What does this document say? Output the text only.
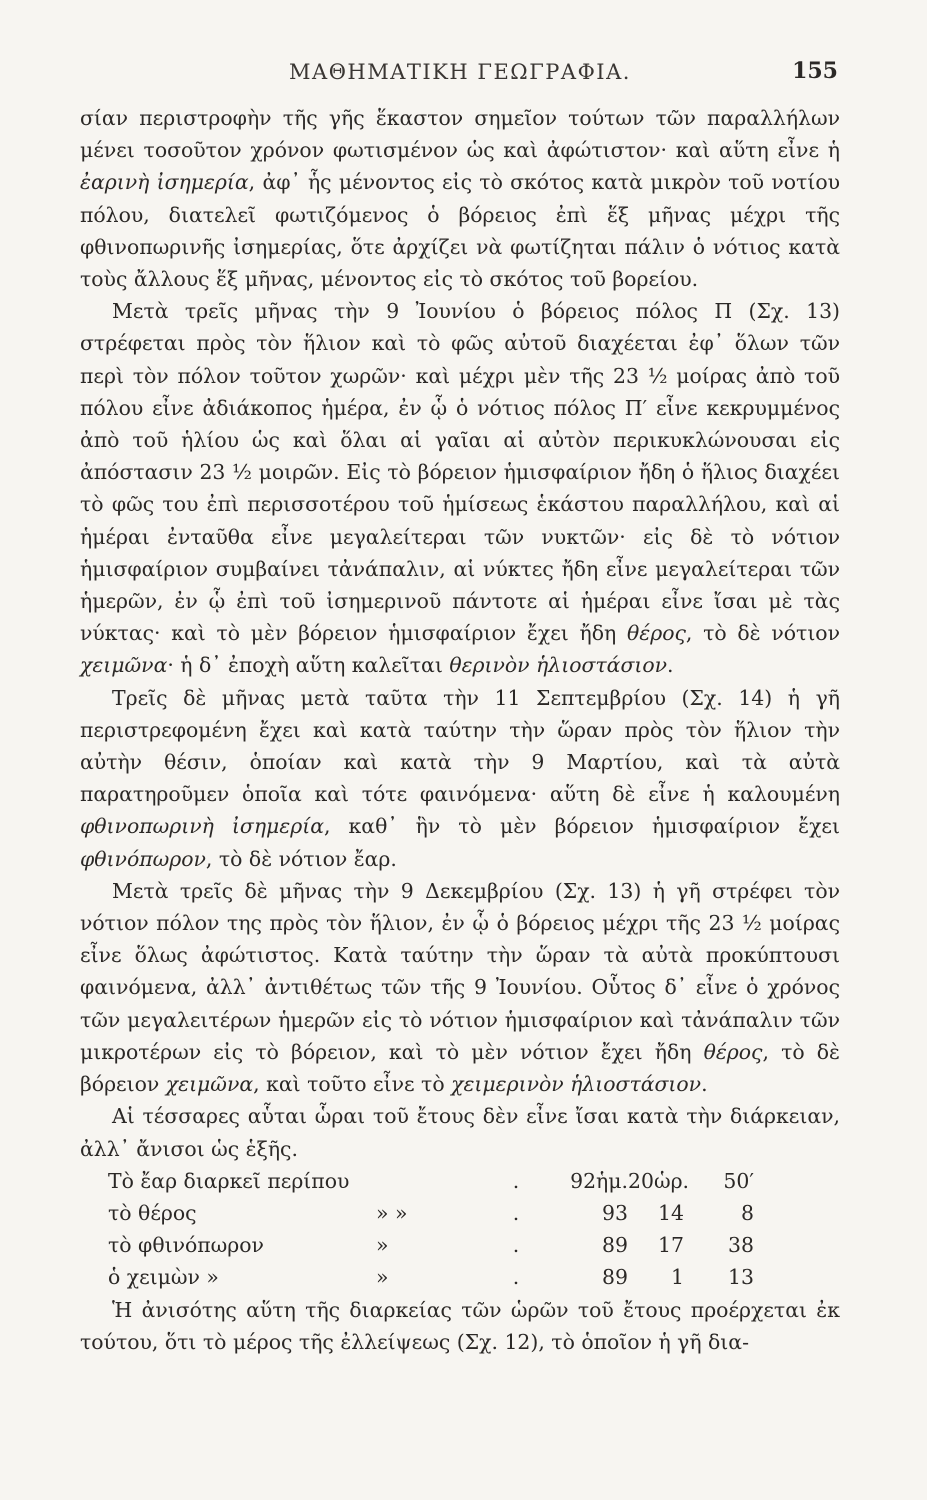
ΜΑΘΗΜΑΤΙΚΗ ΓΕΩΓΡΑΦΙΑ.	155

σίαν περιστροφὴν τῆς γῆς ἕκαστον σημεῖον τούτων τῶν παραλλήλων μένει τοσοῦτον χρόνον φωτισμένον ὡς καὶ ἀφώτιστον· καὶ αὕτη εἶνε ἡ ἐαρινὴ ἰσημερία, ἀφ᾽ ἧς μένοντος εἰς τὸ σκότος κατὰ μικρὸν τοῦ νοτίου πόλου, διατελεῖ φωτιζόμενος ὁ βόρειος ἐπὶ ἕξ μῆνας μέχρι τῆς φθινοπωρινῆς ἰσημερίας, ὅτε ἀρχίζει νὰ φωτίζηται πάλιν ὁ νότιος κατὰ τοὺς ἄλλους ἕξ μῆνας, μένοντος εἰς τὸ σκότος τοῦ βορείου.

Μετὰ τρεῖς μῆνας τὴν 9 Ἰουνίου ὁ βόρειος πόλος Π (Σχ. 13) στρέφεται πρὸς τὸν ἥλιον καὶ τὸ φῶς αὐτοῦ διαχέεται ἐφ᾽ ὅλων τῶν περὶ τὸν πόλον τοῦτον χωρῶν· καὶ μέχρι μὲν τῆς 23 ½ μοίρας ἀπὸ τοῦ πόλου εἶνε ἀδιάκοπος ἡμέρα, ἐν ᾧ ὁ νότιος πόλος Π′ εἶνε κεκρυμμένος ἀπὸ τοῦ ἡλίου ὡς καὶ ὅλαι αἱ γαῖαι αἱ αὐτὸν περικυκλώνουσαι εἰς ἀπόστασιν 23 ½ μοιρῶν. Εἰς τὸ βόρειον ἡμισφαίριον ἤδη ὁ ἥλιος διαχέει τὸ φῶς του ἐπὶ περισσοτέρου τοῦ ἡμίσεως ἑκάστου παραλλήλου, καὶ αἱ ἡμέραι ἐνταῦθα εἶνε μεγαλείτεραι τῶν νυκτῶν· εἰς δὲ τὸ νότιον ἡμισφαίριον συμβαίνει τἀνάπαλιν, αἱ νύκτες ἤδη εἶνε μεγαλείτεραι τῶν ἡμερῶν, ἐν ᾧ ἐπὶ τοῦ ἰσημερινοῦ πάντοτε αἱ ἡμέραι εἶνε ἴσαι μὲ τὰς νύκτας· καὶ τὸ μὲν βόρειον ἡμισφαίριον ἔχει ἤδη θέρος, τὸ δὲ νότιον χειμῶνα· ἡ δ᾽ ἐποχὴ αὕτη καλεῖται θερινὸν ἡλιοστάσιον.

Τρεῖς δὲ μῆνας μετὰ ταῦτα τὴν 11 Σεπτεμβρίου (Σχ. 14) ἡ γῆ περιστρεφομένη ἔχει καὶ κατὰ ταύτην τὴν ὥραν πρὸς τὸν ἥλιον τὴν αὐτὴν θέσιν, ὁποίαν καὶ κατὰ τὴν 9 Μαρτίου, καὶ τὰ αὐτὰ παρατηροῦμεν ὁποῖα καὶ τότε φαινόμενα· αὕτη δὲ εἶνε ἡ καλουμένη φθινοπωρινὴ ἰσημερία, καθ᾽ ἣν τὸ μὲν βόρειον ἡμισφαίριον ἔχει φθινόπωρον, τὸ δὲ νότιον ἔαρ.

Μετὰ τρεῖς δὲ μῆνας τὴν 9 Δεκεμβρίου (Σχ. 13) ἡ γῆ στρέφει τὸν νότιον πόλον της πρὸς τὸν ἥλιον, ἐν ᾧ ὁ βόρειος μέχρι τῆς 23 ½ μοίρας εἶνε ὅλως ἀφώτιστος. Κατὰ ταύτην τὴν ὥραν τὰ αὐτὰ προκύπτουσι φαινόμενα, ἀλλ᾽ ἀντιθέτως τῶν τῆς 9 Ἰουνίου. Οὗτος δ᾽ εἶνε ὁ χρόνος τῶν μεγαλειτέρων ἡμερῶν εἰς τὸ νότιον ἡμισφαίριον καὶ τἀνάπαλιν τῶν μικροτέρων εἰς τὸ βόρειον, καὶ τὸ μὲν νότιον ἔχει ἤδη θέρος, τὸ δὲ βόρειον χειμῶνα, καὶ τοῦτο εἶνε τὸ χειμερινὸν ἡλιοστάσιον.

Αἱ τέσσαρες αὗται ὧραι τοῦ ἔτους δὲν εἶνε ἴσαι κατὰ τὴν διάρκειαν, ἀλλ᾽ ἄνισοι ὡς ἑξῆς.

Τὸ ἔαρ διαρκεῖ περίπου	.	92ἡμ. 20ὡρ.	50′
τὸ θέρος	» »	.	93	14	8
τὸ φθινόπωρον	»	.	89	17	38
ὁ χειμὼν »	»	.	89	1	13

Ἡ ἀνισότης αὕτη τῆς διαρκείας τῶν ὡρῶν τοῦ ἔτους προέρχεται ἐκ τούτου, ὅτι τὸ μέρος τῆς ἐλλείψεως (Σχ. 12), τὸ ὁποῖον ἡ γῆ δια-
